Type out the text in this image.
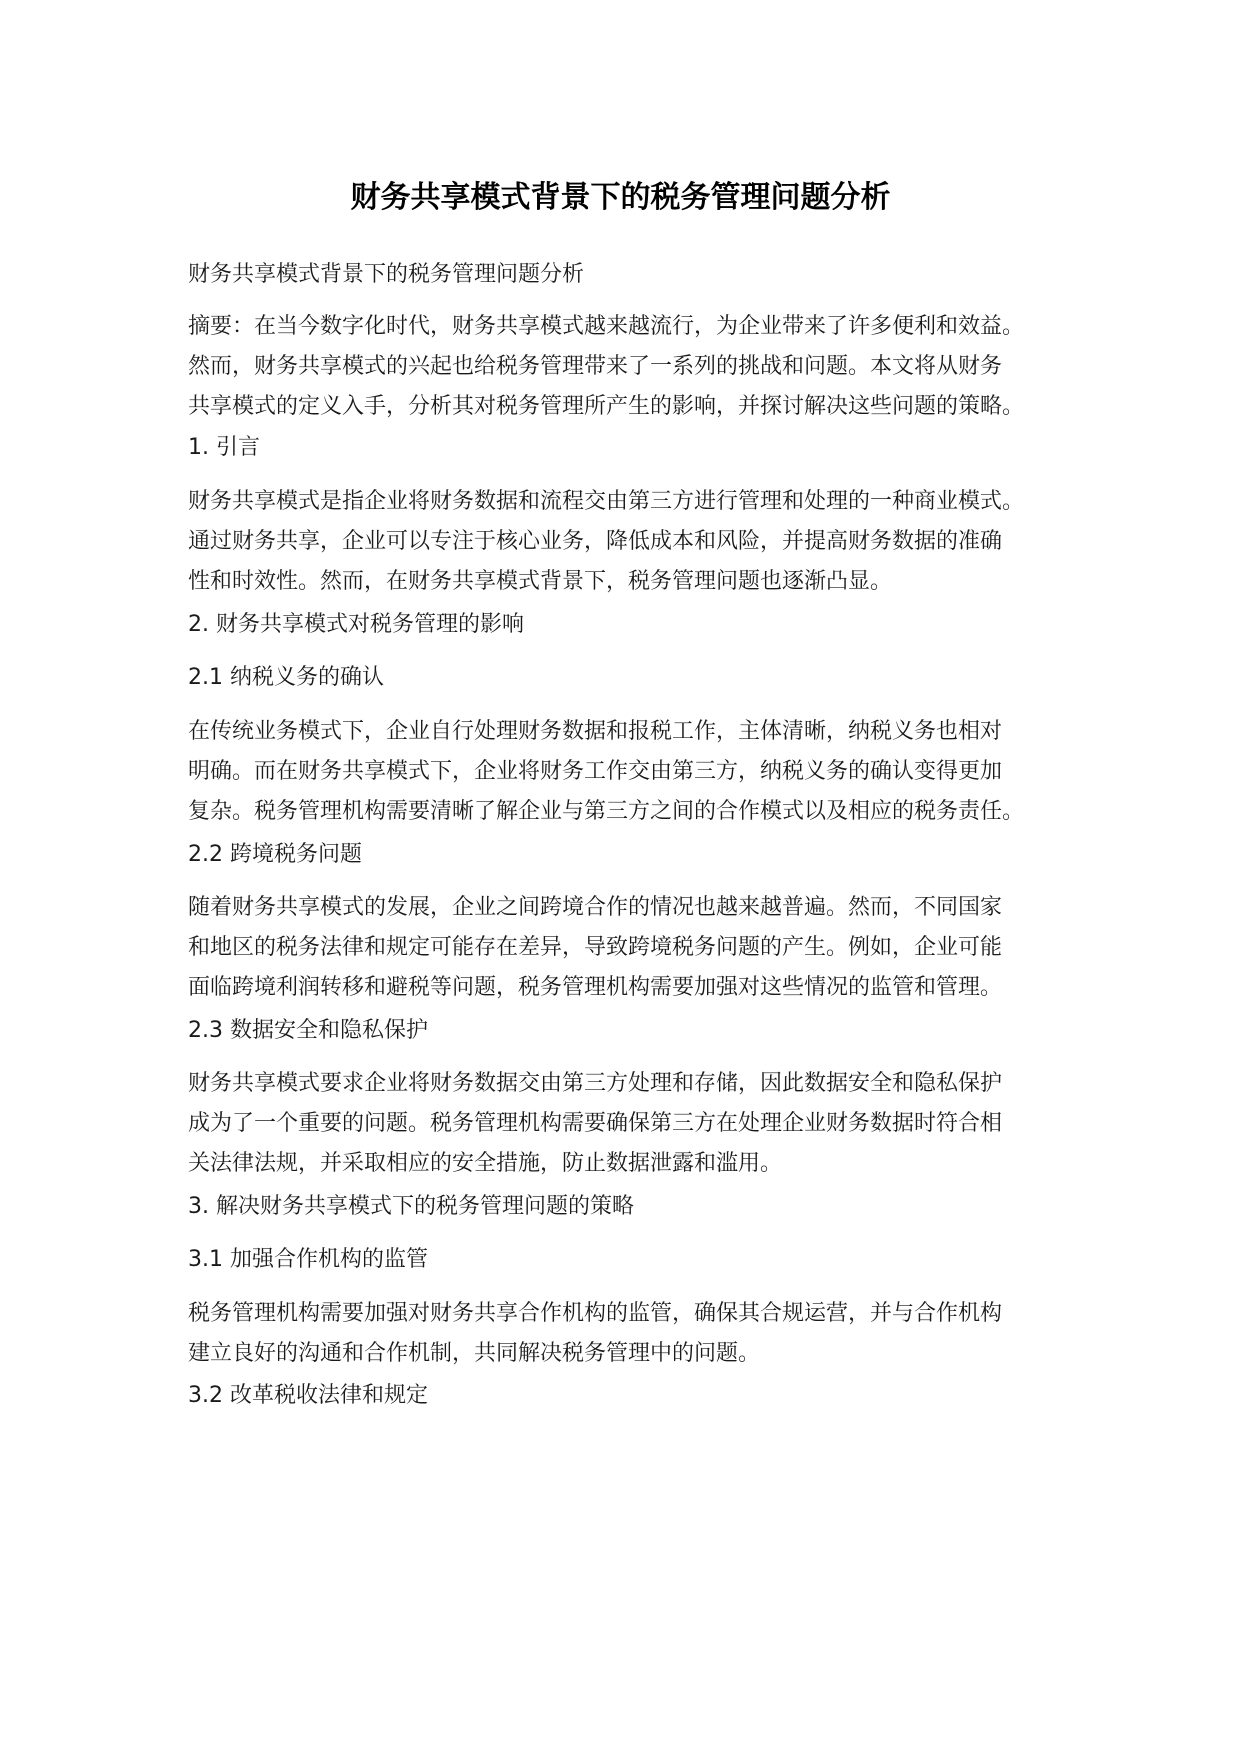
财务共享模式背景下的税务管理问题分析

财务共享模式背景下的税务管理问题分析

摘要：在当今数字化时代，财务共享模式越来越流行，为企业带来了许多便利和效益。
然而，财务共享模式的兴起也给税务管理带来了一系列的挑战和问题。本文将从财务
共享模式的定义入手，分析其对税务管理所产生的影响，并探讨解决这些问题的策略。

1. 引言

财务共享模式是指企业将财务数据和流程交由第三方进行管理和处理的一种商业模式。
通过财务共享，企业可以专注于核心业务，降低成本和风险，并提高财务数据的准确
性和时效性。然而，在财务共享模式背景下，税务管理问题也逐渐凸显。

2. 财务共享模式对税务管理的影响

2.1 纳税义务的确认

在传统业务模式下，企业自行处理财务数据和报税工作，主体清晰，纳税义务也相对
明确。而在财务共享模式下，企业将财务工作交由第三方，纳税义务的确认变得更加
复杂。税务管理机构需要清晰了解企业与第三方之间的合作模式以及相应的税务责任。

2.2 跨境税务问题

随着财务共享模式的发展，企业之间跨境合作的情况也越来越普遍。然而，不同国家
和地区的税务法律和规定可能存在差异，导致跨境税务问题的产生。例如，企业可能
面临跨境利润转移和避税等问题，税务管理机构需要加强对这些情况的监管和管理。

2.3 数据安全和隐私保护

财务共享模式要求企业将财务数据交由第三方处理和存储，因此数据安全和隐私保护
成为了一个重要的问题。税务管理机构需要确保第三方在处理企业财务数据时符合相
关法律法规，并采取相应的安全措施，防止数据泄露和滥用。

3. 解决财务共享模式下的税务管理问题的策略

3.1 加强合作机构的监管

税务管理机构需要加强对财务共享合作机构的监管，确保其合规运营，并与合作机构
建立良好的沟通和合作机制，共同解决税务管理中的问题。

3.2 改革税收法律和规定
